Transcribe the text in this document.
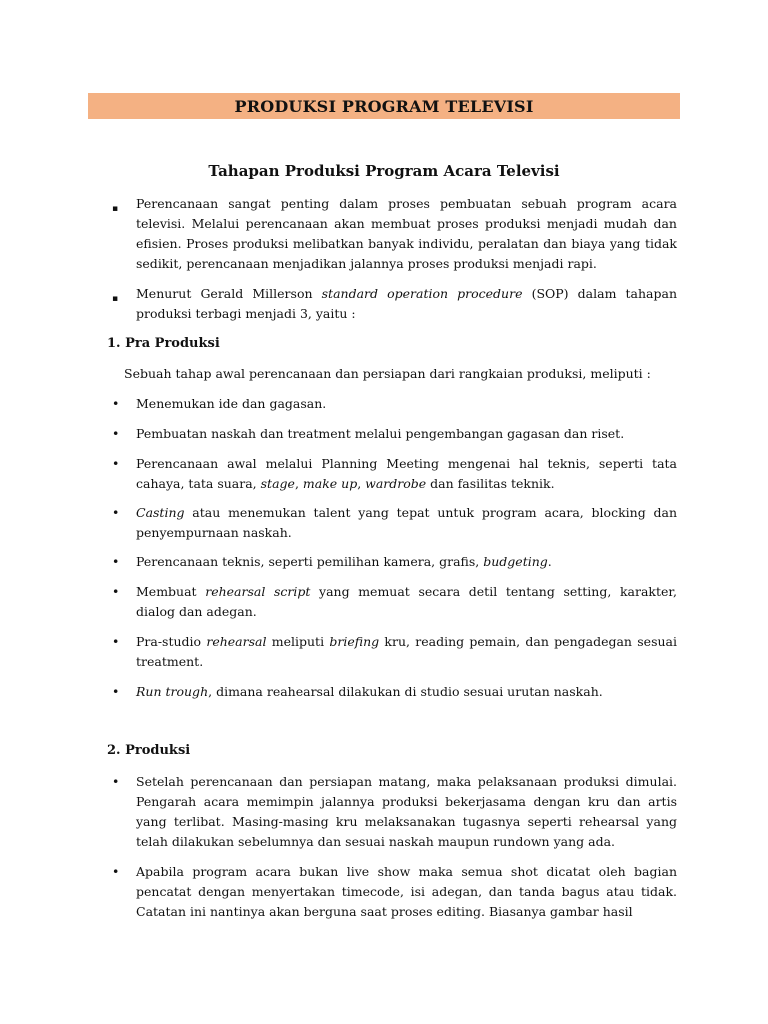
PRODUKSI PROGRAM TELEVISI
Tahapan Produksi Program Acara Televisi
▪ Perencanaan sangat penting dalam proses pembuatan sebuah program acara televisi. Melalui perencanaan akan membuat proses produksi menjadi mudah dan efisien. Proses produksi melibatkan banyak individu, peralatan dan biaya yang tidak sedikit, perencanaan menjadikan jalannya proses produksi menjadi rapi.

▪ Menurut Gerald Millerson standard operation procedure (SOP) dalam tahapan produksi terbagi menjadi 3, yaitu :

1. Pra Produksi
Sebuah tahap awal perencanaan dan persiapan dari rangkaian produksi, meliputi :
• Menemukan ide dan gagasan.

• Pembuatan naskah dan treatment melalui pengembangan gagasan dan riset.

• Perencanaan awal melalui Planning Meeting mengenai hal teknis, seperti tata cahaya, tata suara, stage, make up, wardrobe dan fasilitas teknik.

• Casting atau menemukan talent yang tepat untuk program acara, blocking dan penyempurnaan naskah.

• Perencanaan teknis, seperti pemilihan kamera, grafis, budgeting.

• Membuat rehearsal script yang memuat secara detil tentang setting, karakter, dialog dan adegan.

• Pra-studio rehearsal meliputi briefing kru, reading pemain, dan pengadegan sesuai treatment.

• Run trough, dimana reahearsal dilakukan di studio sesuai urutan naskah.

2. Produksi
• Setelah perencanaan dan persiapan matang, maka pelaksanaan produksi dimulai. Pengarah acara memimpin jalannya produksi bekerjasama dengan kru dan artis yang terlibat. Masing-masing kru melaksanakan tugasnya seperti rehearsal yang telah dilakukan sebelumnya dan sesuai naskah maupun rundown yang ada.

• Apabila program acara bukan live show maka semua shot dicatat oleh bagian pencatat dengan menyertakan timecode, isi adegan, dan tanda bagus atau tidak. Catatan ini nantinya akan berguna saat proses editing. Biasanya gambar hasil
